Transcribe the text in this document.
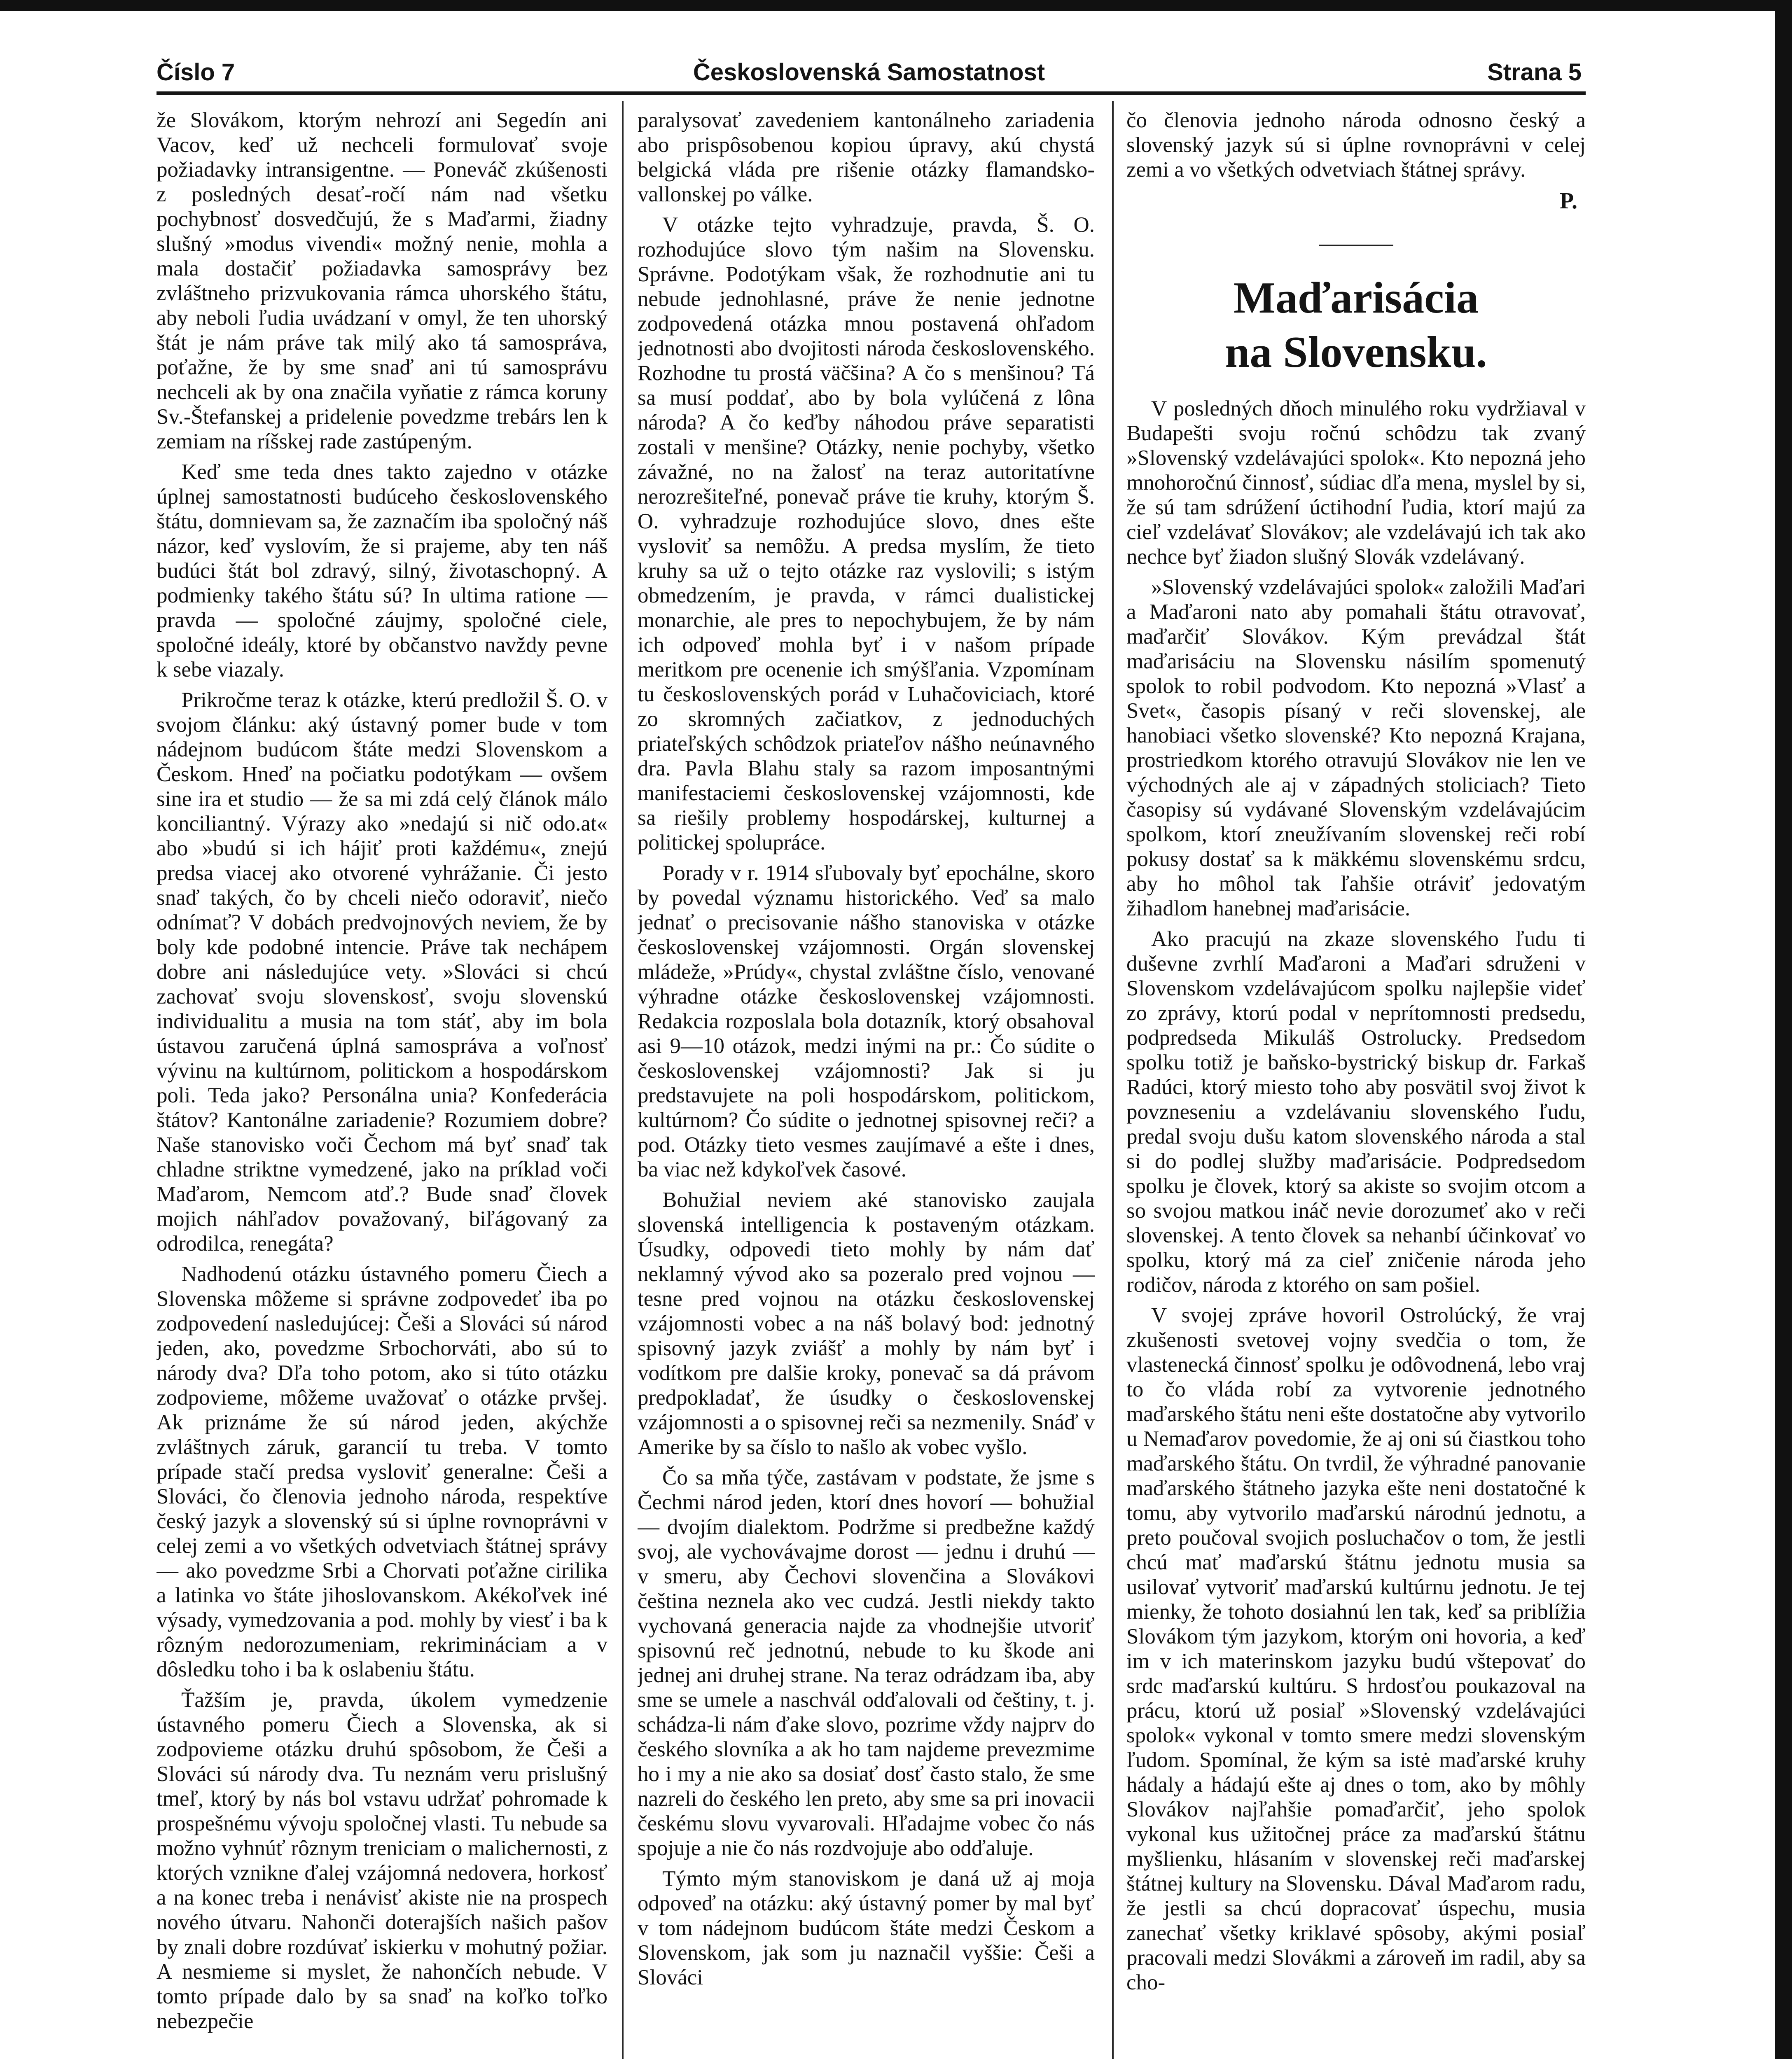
Československá Samostatnost
Číslo 7	Strana 5

že Slovákom, ktorým nehrozí ani Segedín ani Vacov, keď už nechceli formulovať svoje požiadavky intransigentne. — Poneváč zkúšenosti z posledných desať-ročí nám nad všetku pochybnosť dosvedčujú, že s Maďarmi, žiadny slušný »modus vivendi« možný nenie, mohla a mala dostačiť požiadavka samosprávy bez zvláštneho prizvukovania rámca uhorského štátu, aby neboli ľudia uvádzaní v omyl, že ten uhorský štát je nám práve tak milý ako tá samospráva, poťažne, že by sme snaď ani tú samosprávu nechceli ak by ona značila vyňatie z rámca koruny Sv.-Štefanskej a pridelenie povedzme trebárs len k zemiam na ríšskej rade zastúpeným.

Keď sme teda dnes takto zajedno v otázke úplnej samostatnosti budúceho československého štátu, domnievam sa, že zaznačím iba spoločný náš názor, keď vyslovím, že si prajeme, aby ten náš budúci štát bol zdravý, silný, životaschopný. A podmienky takého štátu sú? In ultima ratione — pravda — spoločné záujmy, spoločné ciele, spoločné ideály, ktoré by občanstvo navždy pevne k sebe viazaly.

Prikročme teraz k otázke, kterú predložil Š. O. v svojom článku: aký ústavný pomer bude v tom nádejnom budúcom štáte medzi Slovenskom a Českom. Hneď na počiatku podotýkam — ovšem sine ira et studio — že sa mi zdá celý článok málo konciliantný. Výrazy ako »nedajú si nič odo.at« abo »budú si ich hájiť proti každému«, znejú predsa viacej ako otvorené vyhrážanie. Či jesto snaď takých, čo by chceli niečo odoraviť, niečo odnímať? V dobách predvojnových neviem, že by boly kde podobné intencie. Práve tak nechápem dobre ani následujúce vety. »Slováci si chcú zachovať svoju slovenskosť, svoju slovenskú individualitu a musia na tom stáť, aby im bola ústavou zaručená úplná samospráva a voľnosť vývinu na kultúrnom, politickom a hospodárskom poli. Teda jako? Personálna unia? Konfederácia štátov? Kantonálne zariadenie? Rozumiem dobre? Naše stanovisko voči Čechom má byť snaď tak chladne striktne vymedzené, jako na príklad voči Maďarom, Nemcom atď.? Bude snaď človek mojich náhľadov považovaný, biľágovaný za odrodilca, renegáta?

Nadhodenú otázku ústavného pomeru Čiech a Slovenska môžeme si správne zodpovedeť iba po zodpovedení nasledujúcej: Češi a Slováci sú národ jeden, ako, povedzme Srbochorváti, abo sú to národy dva? Dľa toho potom, ako si túto otázku zodpovieme, môžeme uvažovať o otázke prvšej. Ak priznáme že sú národ jeden, akýchže zvláštnych záruk, garancií tu treba. V tomto prípade stačí predsa vysloviť generalne: Češi a Slováci, čo členovia jednoho národa, respektíve český jazyk a slovenský sú si úplne rovnoprávni v celej zemi a vo všetkých odvetviach štátnej správy — ako povedzme Srbi a Chorvati poťažne cirilika a latinka vo štáte jihoslovanskom. Akékoľvek iné výsady, vymedzovania a pod. mohly by viesť i ba k rôzným nedorozumeniam, rekrimináciam a v dôsledku toho i ba k oslabeniu štátu.

Ťažším je, pravda, úkolem vymedzenie ústavného pomeru Čiech a Slovenska, ak si zodpovieme otázku druhú spôsobom, že Češi a Slováci sú národy dva. Tu neznám veru prislušný tmeľ, ktorý by nás bol vstavu udržať pohromade k prospešnému vývoju spoločnej vlasti. Tu nebude sa možno vyhnúť rôznym treniciam o malichernosti, z ktorých vznikne ďalej vzájomná nedovera, horkosť a na konec treba i nenávisť akiste nie na prospech nového útvaru. Nahonči doterajších našich pašov by znali dobre rozdúvať iskierku v mohutný požiar. A nesmieme si myslet, že nahončích nebude. V tomto prípade dalo by sa snaď na koľko toľko nebezpečie

paralysovať zavedeniem kantonálneho zariadenia abo prispôsobenou kopiou úpravy, akú chystá belgická vláda pre rišenie otázky flamandsko-vallonskej po válke.

V otázke tejto vyhradzuje, pravda, Š. O. rozhodujúce slovo tým našim na Slovensku. Správne. Podotýkam však, že rozhodnutie ani tu nebude jednohlasné, práve že nenie jednotne zodpovedená otázka mnou postavená ohľadom jednotnosti abo dvojitosti národa československého. Rozhodne tu prostá väčšina? A čo s menšinou? Tá sa musí poddať, abo by bola vylúčená z lôna národa? A čo keďby náhodou práve separatisti zostali v menšine? Otázky, nenie pochyby, všetko závažné, no na žalosť na teraz autoritatívne nerozrešiteľné, ponevač práve tie kruhy, ktorým Š. O. vyhradzuje rozhodujúce slovo, dnes ešte vysloviť sa nemôžu. A predsa myslím, že tieto kruhy sa už o tejto otázke raz vyslovili; s istým obmedzením, je pravda, v rámci dualistickej monarchie, ale pres to nepochybujem, že by nám ich odpoveď mohla byť i v našom prípade meritkom pre ocenenie ich smýšľania. Vzpomínam tu československých porád v Luhačoviciach, ktoré zo skromných začiatkov, z jednoduchých priateľských schôdzok priateľov nášho neúnavného dra. Pavla Blahu staly sa razom imposantnými manifestaciemi československej vzájomnosti, kde sa riešily problemy hospodárskej, kulturnej a politickej spolupráce.

Porady v r. 1914 sľubovaly byť epochálne, skoro by povedal významu historického. Veď sa malo jednať o precisovanie nášho stanoviska v otázke československej vzájomnosti. Orgán slovenskej mládeže, »Prúdy«, chystal zvláštne číslo, venované výhradne otázke československej vzájomnosti. Redakcia rozposlala bola dotazník, ktorý obsahoval asi 9—10 otázok, medzi inými na pr.: Čo súdite o československej vzájomnosti? Jak si ju predstavujete na poli hospodárskom, politickom, kultúrnom? Čo súdite o jednotnej spisovnej reči? a pod. Otázky tieto vesmes zaujímavé a ešte i dnes, ba viac než kdykoľvek časové.

Bohužial neviem aké stanovisko zaujala slovenská intelligencia k postaveným otázkam. Úsudky, odpovedi tieto mohly by nám dať neklamný vývod ako sa pozeralo pred vojnou — tesne pred vojnou na otázku československej vzájomnosti vobec a na náš bolavý bod: jednotný spisovný jazyk zviášť a mohly by nám byť i vodítkom pre dalšie kroky, ponevač sa dá právom predpokladať, že úsudky o československej vzájomnosti a o spisovnej reči sa nezmenily. Snáď v Amerike by sa číslo to našlo ak vobec vyšlo.

Čo sa mňa týče, zastávam v podstate, že jsme s Čechmi národ jeden, ktorí dnes hovorí — bohužial — dvojím dialektom. Podržme si predbežne každý svoj, ale vychovávajme dorost — jednu i druhú — v smeru, aby Čechovi slovenčina a Slovákovi čeština neznela ako vec cudzá. Jestli niekdy takto vychovaná generacia najde za vhodnejšie utvoriť spisovnú reč jednotnú, nebude to ku škode ani jednej ani druhej strane. Na teraz odrádzam iba, aby sme se umele a naschvál odďalovali od češtiny, t. j. schádza-li nám ďake slovo, pozrime vždy najprv do českého slovníka a ak ho tam najdeme prevezmime ho i my a nie ako sa dosiať dosť často stalo, že sme nazreli do českého len preto, aby sme sa pri inovacii českému slovu vyvarovali. Hľadajme vobec čo nás spojuje a nie čo nás rozdvojuje abo odďaluje.

Týmto mým stanoviskom je daná už aj moja odpoveď na otázku: aký ústavný pomer by mal byť v tom nádejnom budúcom štáte medzi Českom a Slovenskom, jak som ju naznačil vyššie: Češi a Slováci

čo členovia jednoho národa odnosno český a slovenský jazyk sú si úplne rovnoprávni v celej zemi a vo všetkých odvetviach štátnej správy.

P.
Maďarisácia
na Slovensku.

V posledných dňoch minulého roku vydržiaval v Budapešti svoju ročnú schôdzu tak zvaný »Slovenský vzdelávajúci spolok«. Kto nepozná jeho mnohoročnú činnosť, súdiac dľa mena, myslel by si, že sú tam sdrúžení úctihodní ľudia, ktorí majú za cieľ vzdelávať Slovákov; ale vzdelávajú ich tak ako nechce byť žiadon slušný Slovák vzdelávaný.

»Slovenský vzdelávajúci spolok« založili Maďari a Maďaroni nato aby pomahali štátu otravovať, maďarčiť Slovákov. Kým prevádzal štát maďarisáciu na Slovensku násilím spomenutý spolok to robil podvodom. Kto nepozná »Vlasť a Svet«, časopis písaný v reči slovenskej, ale hanobiaci všetko slovenské? Kto nepozná Krajana, prostriedkom ktorého otravujú Slovákov nie len ve východných ale aj v západných stoliciach? Tieto časopisy sú vydávané Slovenským vzdelávajúcim spolkom, ktorí zneužívaním slovenskej reči robí pokusy dostať sa k mäkkému slovenskému srdcu, aby ho môhol tak ľahšie otráviť jedovatým žihadlom hanebnej maďarisácie.

Ako pracujú na zkaze slovenského ľudu ti duševne zvrhlí Maďaroni a Maďari sdruženi v Slovenskom vzdelávajúcom spolku najlepšie videť zo zprávy, ktorú podal v neprítomnosti predsedu, podpredseda Mikuláš Ostrolucky. Predsedom spolku totiž je baňsko-bystrický biskup dr. Farkaš Radúci, ktorý miesto toho aby posvätil svoj život k povzneseniu a vzdelávaniu slovenského ľudu, predal svoju dušu katom slovenského národa a stal si do podlej služby maďarisácie. Podpredsedom spolku je človek, ktorý sa akiste so svojim otcom a so svojou matkou ináč nevie dorozumeť ako v reči slovenskej. A tento človek sa nehanbí účinkovať vo spolku, ktorý má za cieľ zničenie národa jeho rodičov, národa z ktorého on sam pošiel.

V svojej zpráve hovoril Ostrolúcký, že vraj zkušenosti svetovej vojny svedčia o tom, že vlastenecká činnosť spolku je odôvodnená, lebo vraj to čo vláda robí za vytvorenie jednotného maďarského štátu neni ešte dostatočne aby vytvorilo u Nemaďarov povedomie, že aj oni sú čiastkou toho maďarského štátu. On tvrdil, že výhradné panovanie maďarského štátneho jazyka ešte neni dostatočné k tomu, aby vytvorilo maďarskú národnú jednotu, a preto poučoval svojich posluchačov o tom, že jestli chcú mať maďarskú štátnu jednotu musia sa usilovať vytvoriť maďarskú kultúrnu jednotu. Je tej mienky, že tohoto dosiahnú len tak, keď sa priblížia Slovákom tým jazykom, ktorým oni hovoria, a keď im v ich materinskom jazyku budú vštepovať do srdc maďarskú kultúru. S hrdosťou poukazoval na prácu, ktorú už posiaľ »Slovenský vzdelávajúci spolok« vykonal v tomto smere medzi slovenským ľudom. Spomínal, že kým sa istė maďarské kruhy hádaly a hádajú ešte aj dnes o tom, ako by môhly Slovákov najľahšie pomaďarčiť, jeho spolok vykonal kus užitočnej práce za maďarskú štátnu myšlienku, hlásaním v slovenskej reči maďarskej štátnej kultury na Slovensku. Dával Maďarom radu, že jestli sa chcú dopracovať úspechu, musia zanechať všetky kriklavé spôsoby, akými posiaľ pracovali medzi Slovákmi a zároveň im radil, aby sa cho-
